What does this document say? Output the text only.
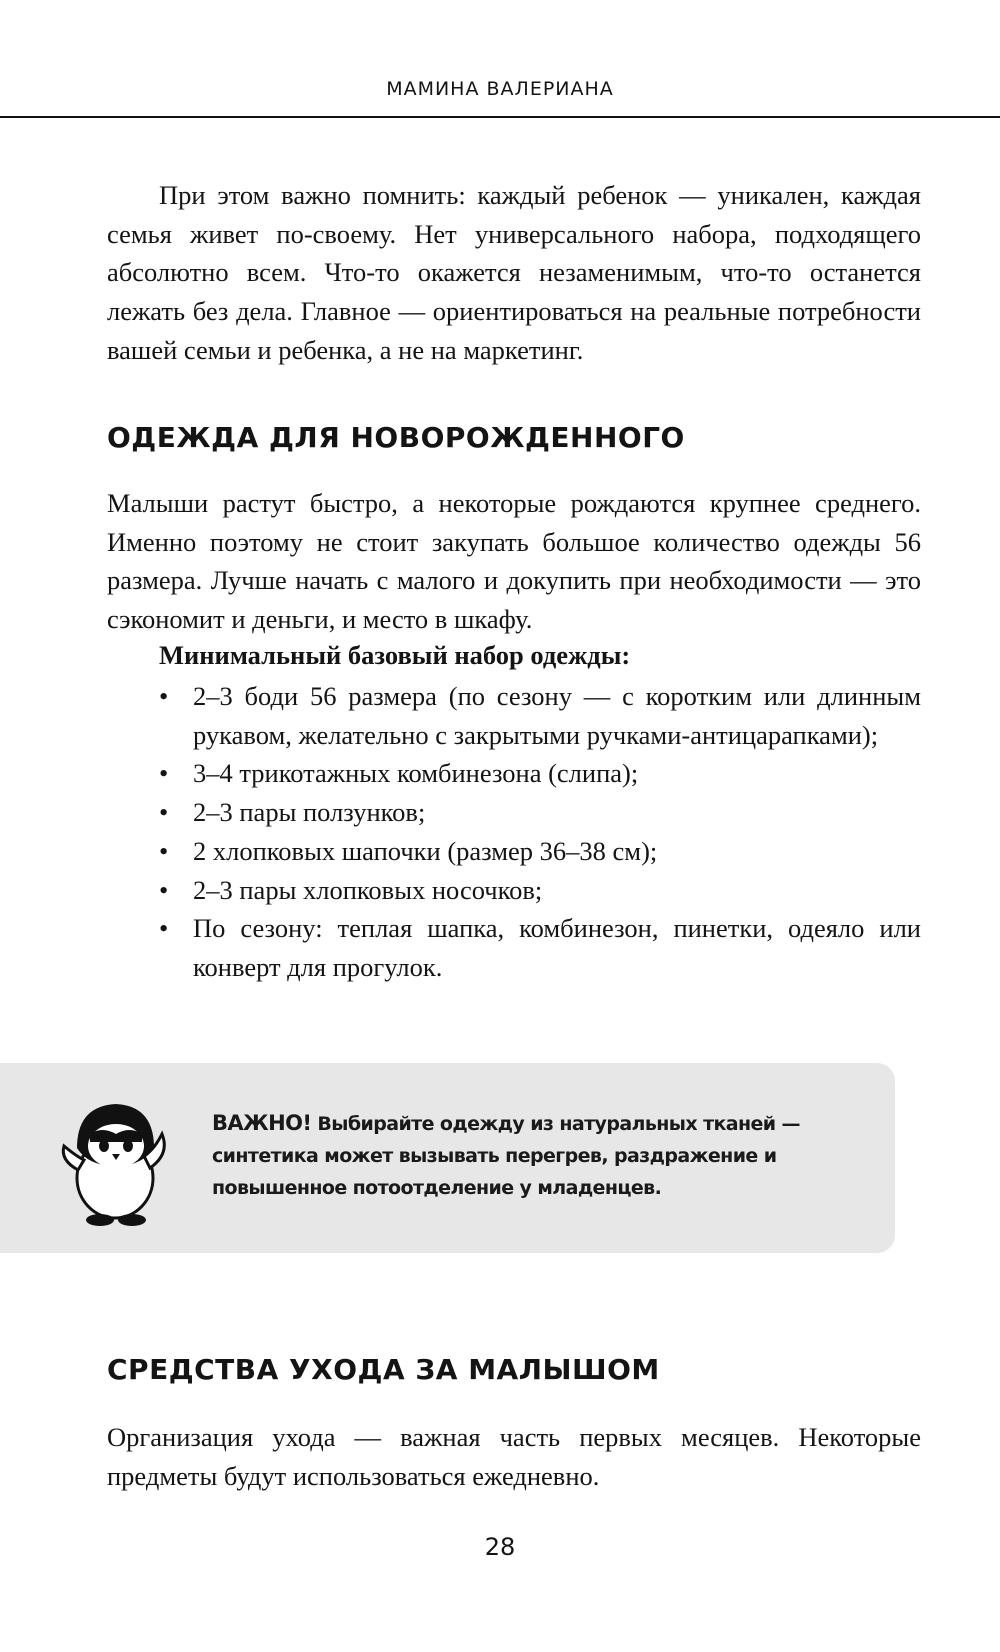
МАМИНА ВАЛЕРИАНА

При этом важно помнить: каждый ребенок — уникален, каждая семья живет по-своему. Нет универсального набора, подходящего абсолютно всем. Что-то окажется незаменимым, что-то останется лежать без дела. Главное — ориентироваться на реальные потребности вашей семьи и ребенка, а не на маркетинг.

ОДЕЖДА ДЛЯ НОВОРОЖДЕННОГО

Малыши растут быстро, а некоторые рождаются крупнее среднего. Именно поэтому не стоит закупать большое количество одежды 56 размера. Лучше начать с малого и докупить при необходимости — это сэкономит и деньги, и место в шкафу.

Минимальный базовый набор одежды:
• 2–3 боди 56 размера (по сезону — с коротким или длинным рукавом, желательно с закрытыми ручками-антицарапками);
• 3–4 трикотажных комбинезона (слипа);
• 2–3 пары ползунков;
• 2 хлопковых шапочки (размер 36–38 см);
• 2–3 пары хлопковых носочков;
• По сезону: теплая шапка, комбинезон, пинетки, одеяло или конверт для прогулок.
ВАЖНО! Выбирайте одежду из натуральных тканей — синтетика может вызывать перегрев, раздражение и повышенное потоотделение у младенцев.
СРЕДСТВА УХОДА ЗА МАЛЫШОМ

Организация ухода — важная часть первых месяцев. Некоторые предметы будут использоваться ежедневно.

28
